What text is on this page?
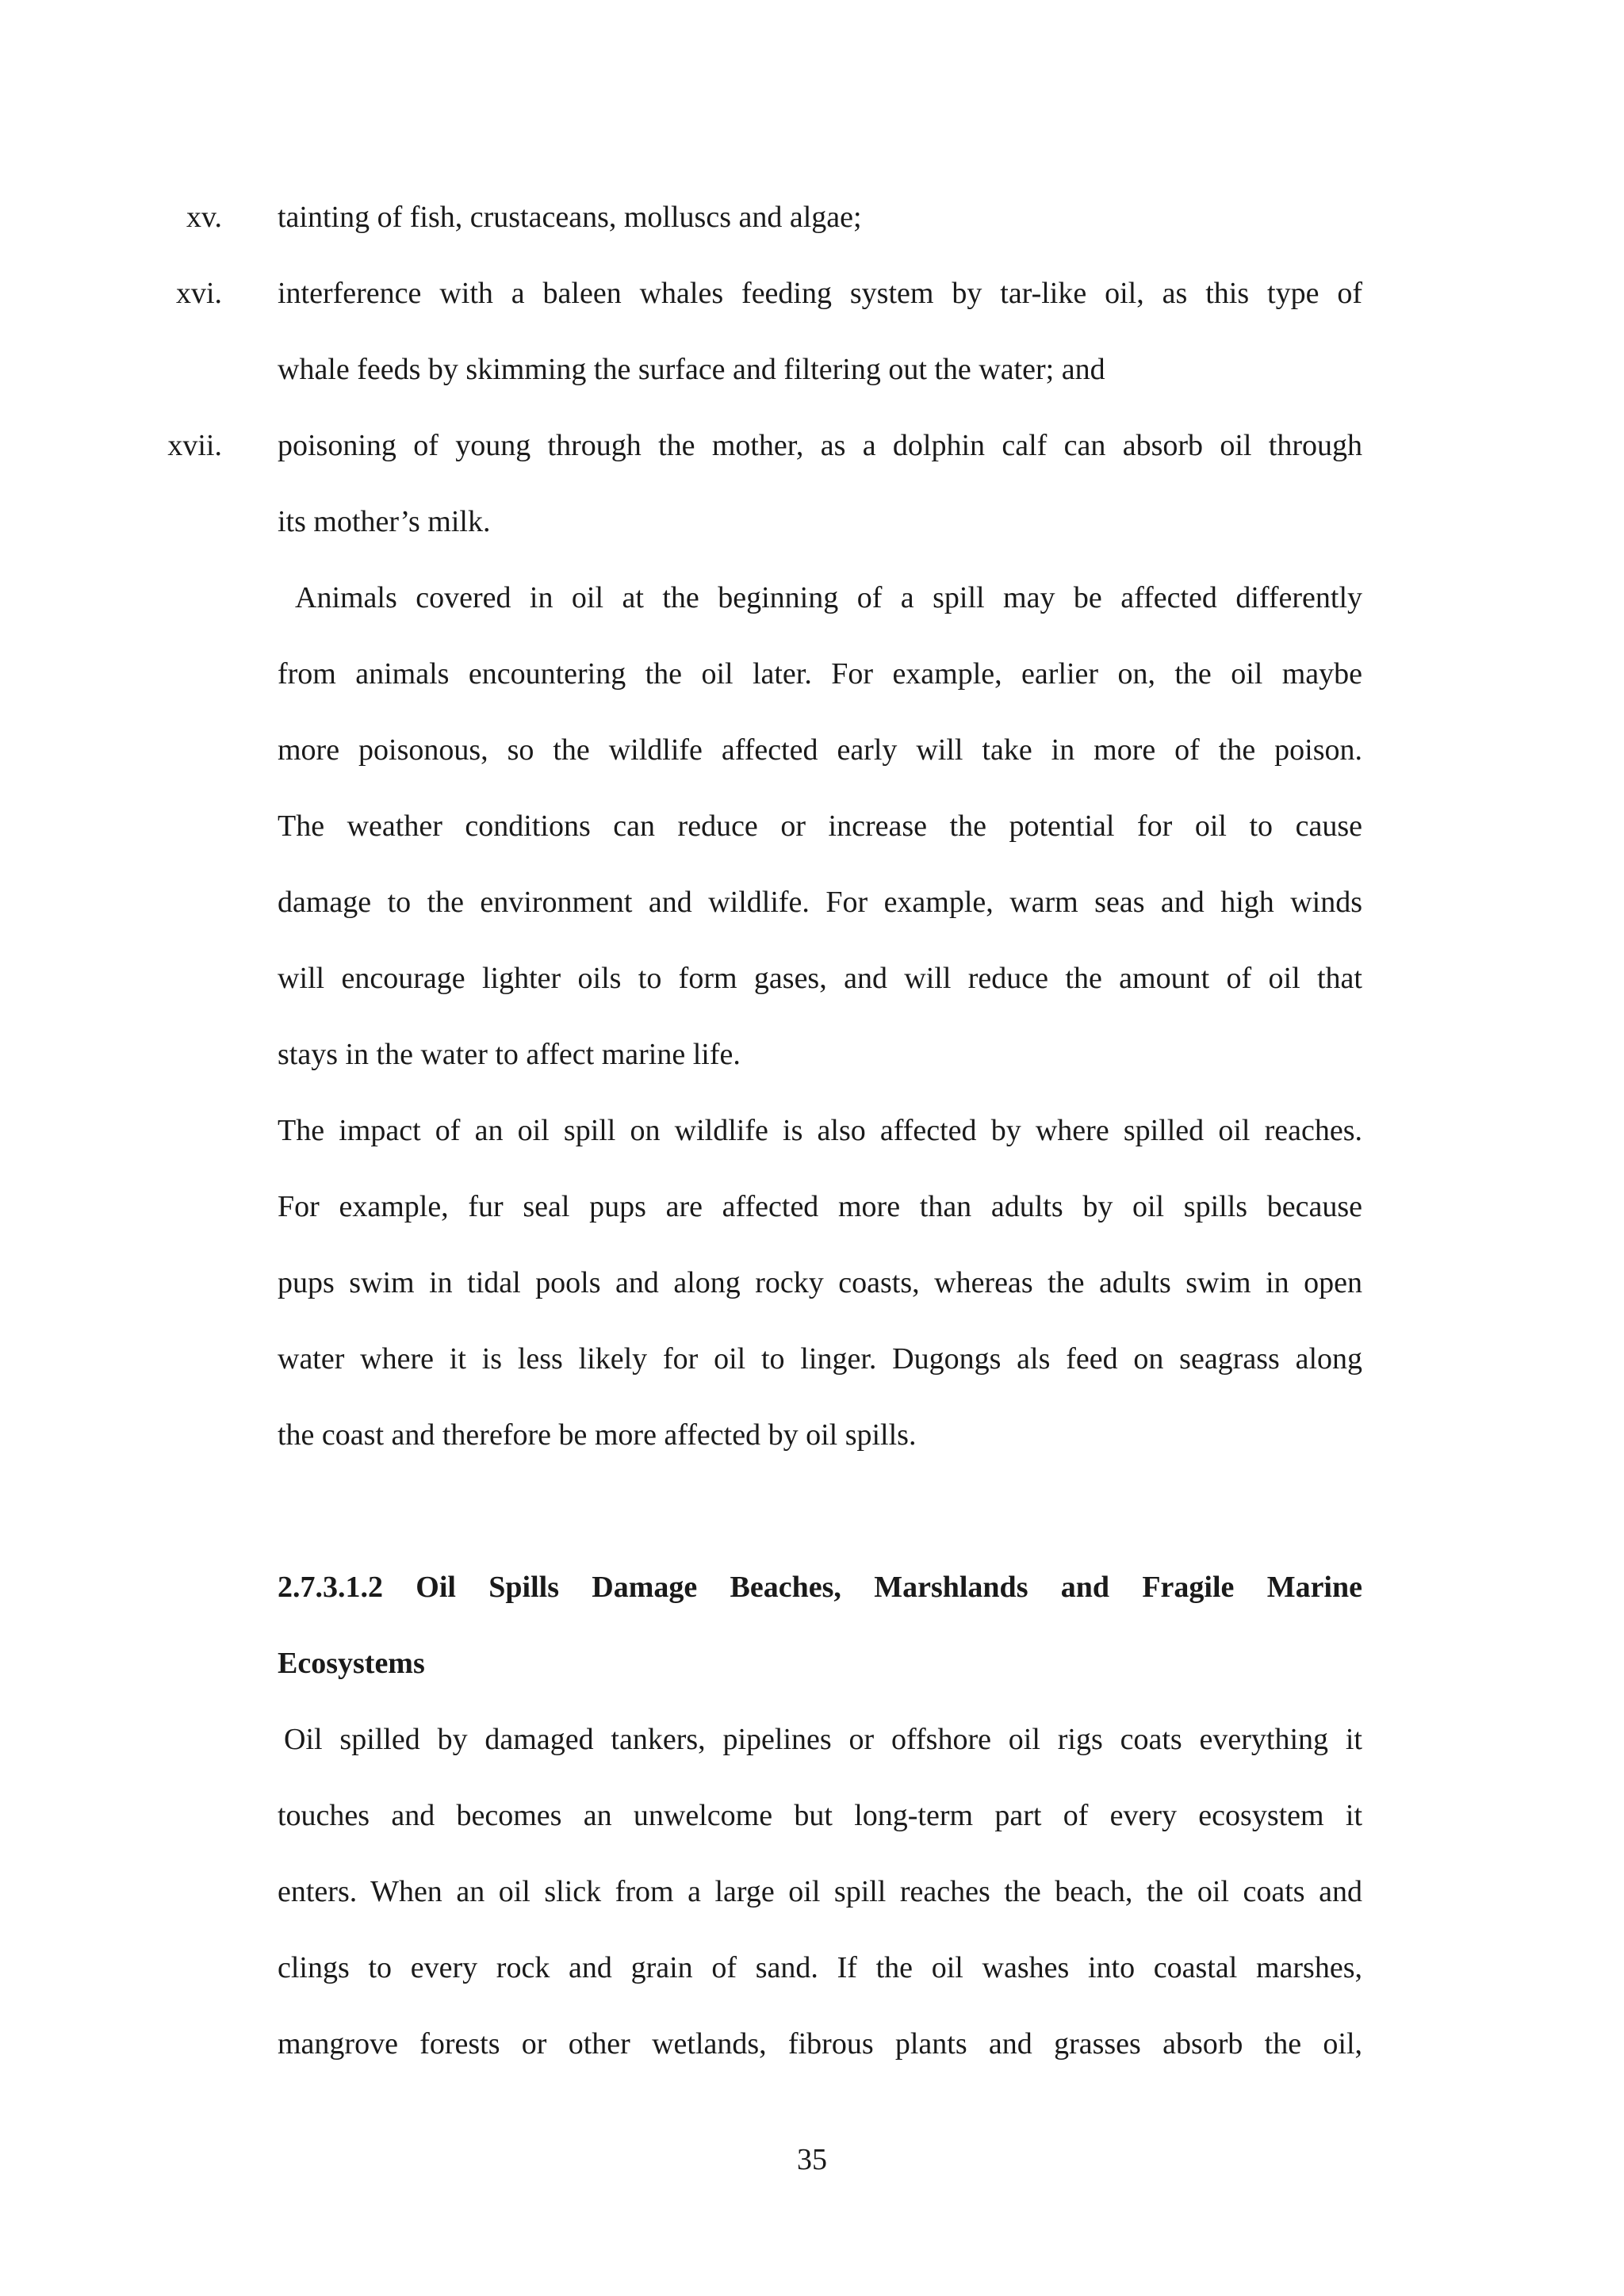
xv. tainting of fish, crustaceans, molluscs and algae;
xvi. interference with a baleen whales feeding system by tar-like oil, as this type of
whale feeds by skimming the surface and filtering out the water; and
xvii. poisoning of young through the mother, as a dolphin calf can absorb oil through
its mother’s milk.
Animals covered in oil at the beginning of a spill may be affected differently
from animals encountering the oil later. For example, earlier on, the oil maybe
more poisonous, so the wildlife affected early will take in more of the poison.
The weather conditions can reduce or increase the potential for oil to cause
damage to the environment and wildlife. For example, warm seas and high winds
will encourage lighter oils to form gases, and will reduce the amount of oil that
stays in the water to affect marine life.
The impact of an oil spill on wildlife is also affected by where spilled oil reaches.
For example, fur seal pups are affected more than adults by oil spills because
pups swim in tidal pools and along rocky coasts, whereas the adults swim in open
water where it is less likely for oil to linger. Dugongs als feed on seagrass along
the coast and therefore be more affected by oil spills.
2.7.3.1.2 Oil Spills Damage Beaches, Marshlands and Fragile Marine
Ecosystems
Oil spilled by damaged tankers, pipelines or offshore oil rigs coats everything it
touches and becomes an unwelcome but long-term part of every ecosystem it
enters. When an oil slick from a large oil spill reaches the beach, the oil coats and
clings to every rock and grain of sand. If the oil washes into coastal marshes,
mangrove forests or other wetlands, fibrous plants and grasses absorb the oil,
35
